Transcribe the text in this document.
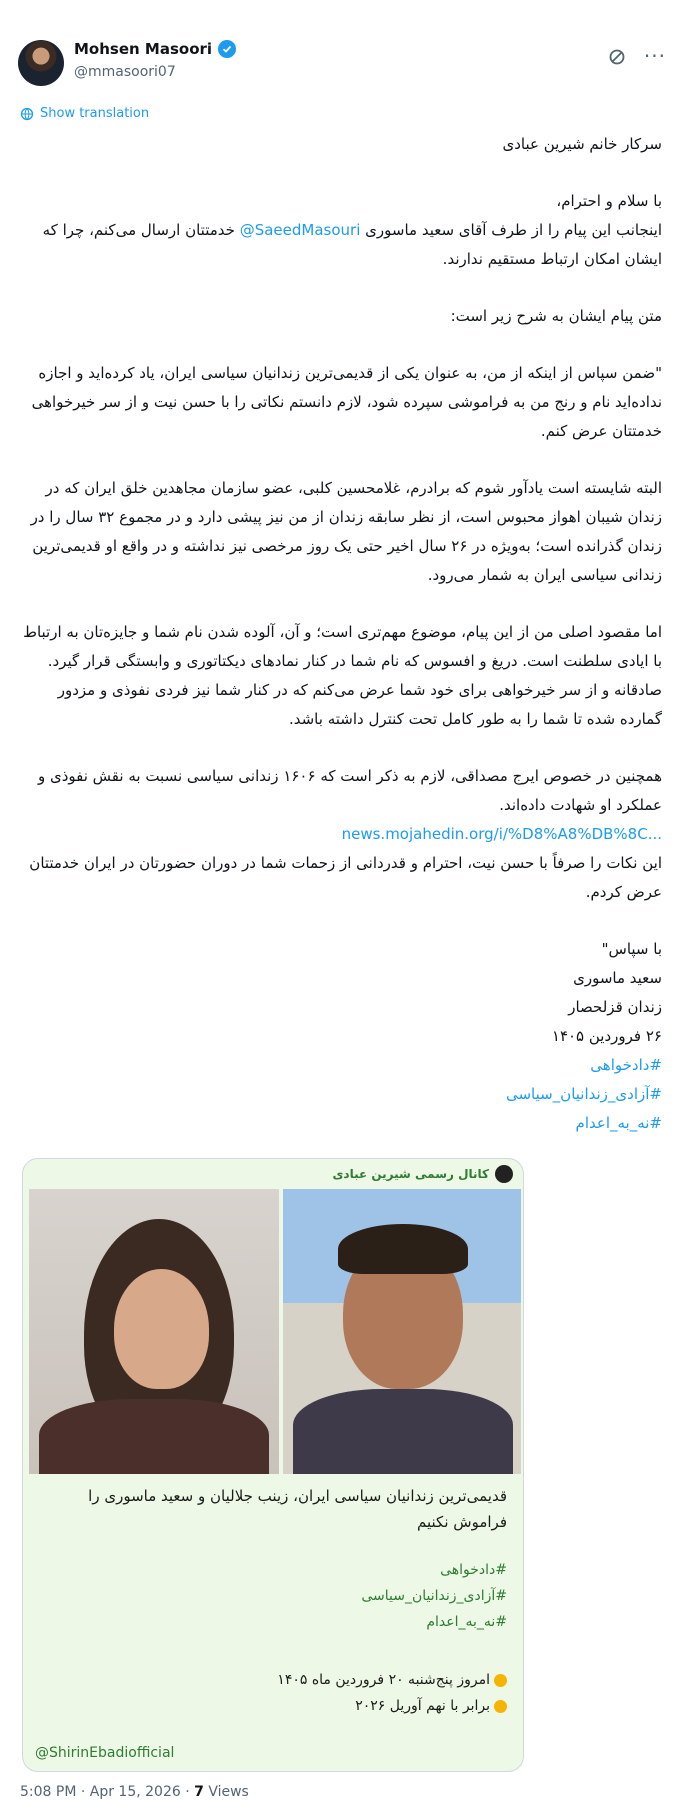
Mohsen Masoori
@mmasoori07
···
Show translation

سرکار خانم شیرین عبادی

با سلام و احترام،

اینجانب این پیام را از طرف آقای سعید ماسوری @SaeedMasouri خدمتتان ارسال می‌کنم، چرا که ایشان امکان ارتباط مستقیم ندارند.

متن پیام ایشان به شرح زیر است:

"ضمن سپاس از اینکه از من، به عنوان یکی از قدیمی‌ترین زندانیان سیاسی ایران، یاد کرده‌اید و اجازه نداده‌اید نام و رنج من به فراموشی سپرده شود، لازم دانستم نکاتی را با حسن نیت و از سر خیرخواهی خدمتتان عرض کنم.

البته شایسته است یادآور شوم که برادرم، غلامحسین کلبی، عضو سازمان مجاهدین خلق ایران که در زندان شیبان اهواز محبوس است، از نظر سابقه زندان از من نیز پیشی دارد و در مجموع ۳۲ سال را در زندان گذرانده است؛ به‌ویژه در ۲۶ سال اخیر حتی یک روز مرخصی نیز نداشته و در واقع او قدیمی‌ترین زندانی سیاسی ایران به شمار می‌رود.

اما مقصود اصلی من از این پیام، موضوع مهم‌تری است؛ و آن، آلوده شدن نام شما و جایزه‌تان به ارتباط با ایادی سلطنت است. دریغ و افسوس که نام شما در کنار نمادهای دیکتاتوری و وابستگی قرار گیرد. صادقانه و از سر خیرخواهی برای خود شما عرض می‌کنم که در کنار شما نیز فردی نفوذی و مزدور گمارده شده تا شما را به طور کامل تحت کنترل داشته باشد.

همچنین در خصوص ایرج مصداقی، لازم به ذکر است که ۱۶۰۶ زندانی سیاسی نسبت به نقش نفوذی و عملکرد او شهادت داده‌اند.

news.mojahedin.org/i/%D8%A8%DB%8C...

این نکات را صرفاً با حسن نیت، احترام و قدردانی از زحمات شما در دوران حضورتان در ایران خدمتتان عرض کردم.

با سپاس"

سعید ماسوری

زندان قزلحصار

۲۶ فروردین ۱۴۰۵

#دادخواهی

#آزادی_زندانیان_سیاسی

#نه_به_اعدام

کانال رسمی شیرین عبادی
قدیمی‌ترین زندانیان سیاسی ایران، زینب جلالیان و سعید ماسوری را فراموش نکنیم
#دادخواهی
#آزادی_زندانیان_سیاسی
#نه_به_اعدام
امروز پنج‌شنبه ۲۰ فروردین ماه ۱۴۰۵
برابر با نهم آوریل ۲۰۲۶
@ShirinEbadiofficial
5:08 PM · Apr 15, 2026 · 7 Views
